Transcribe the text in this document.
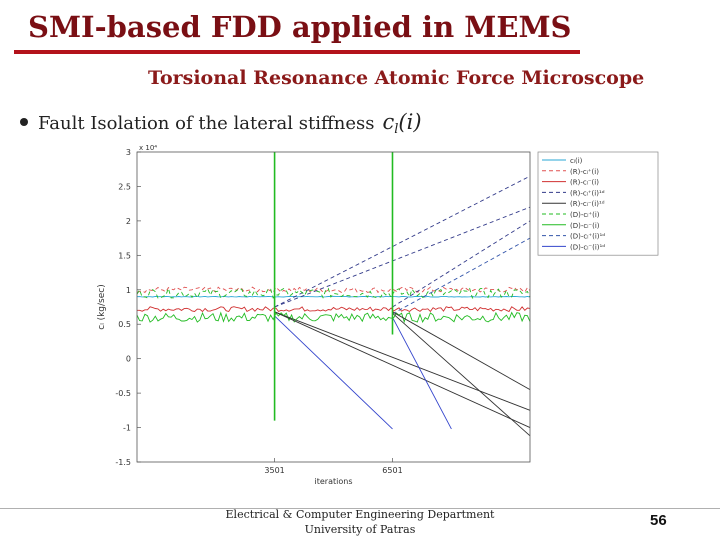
SMI-based FDD applied in MEMS
Torsional Resonance Atomic Force Microscope
Fault Isolation of the lateral stiffness $c_l(i)$
cₗ(i)
(R)-cₗ⁺(i)
(R)-cₗ⁻(i)
(R)-cₗ⁺(i)¹ᵈ
(R)-cₗ⁻(i)¹ᵈ
(D)-cₗ⁺(i)
(D)-cₗ⁻(i)
(D)-cₗ⁺(i)¹ᵈ
(D)-cₗ⁻(i)¹ᵈ
3
2.5
2
1.5
1
0.5
0
-0.5
-1
-1.5
x 10⁴
3501	6501
iterations
cₗ (kg/sec)
Electrical & Computer Engineering Department
University of Patras
56
